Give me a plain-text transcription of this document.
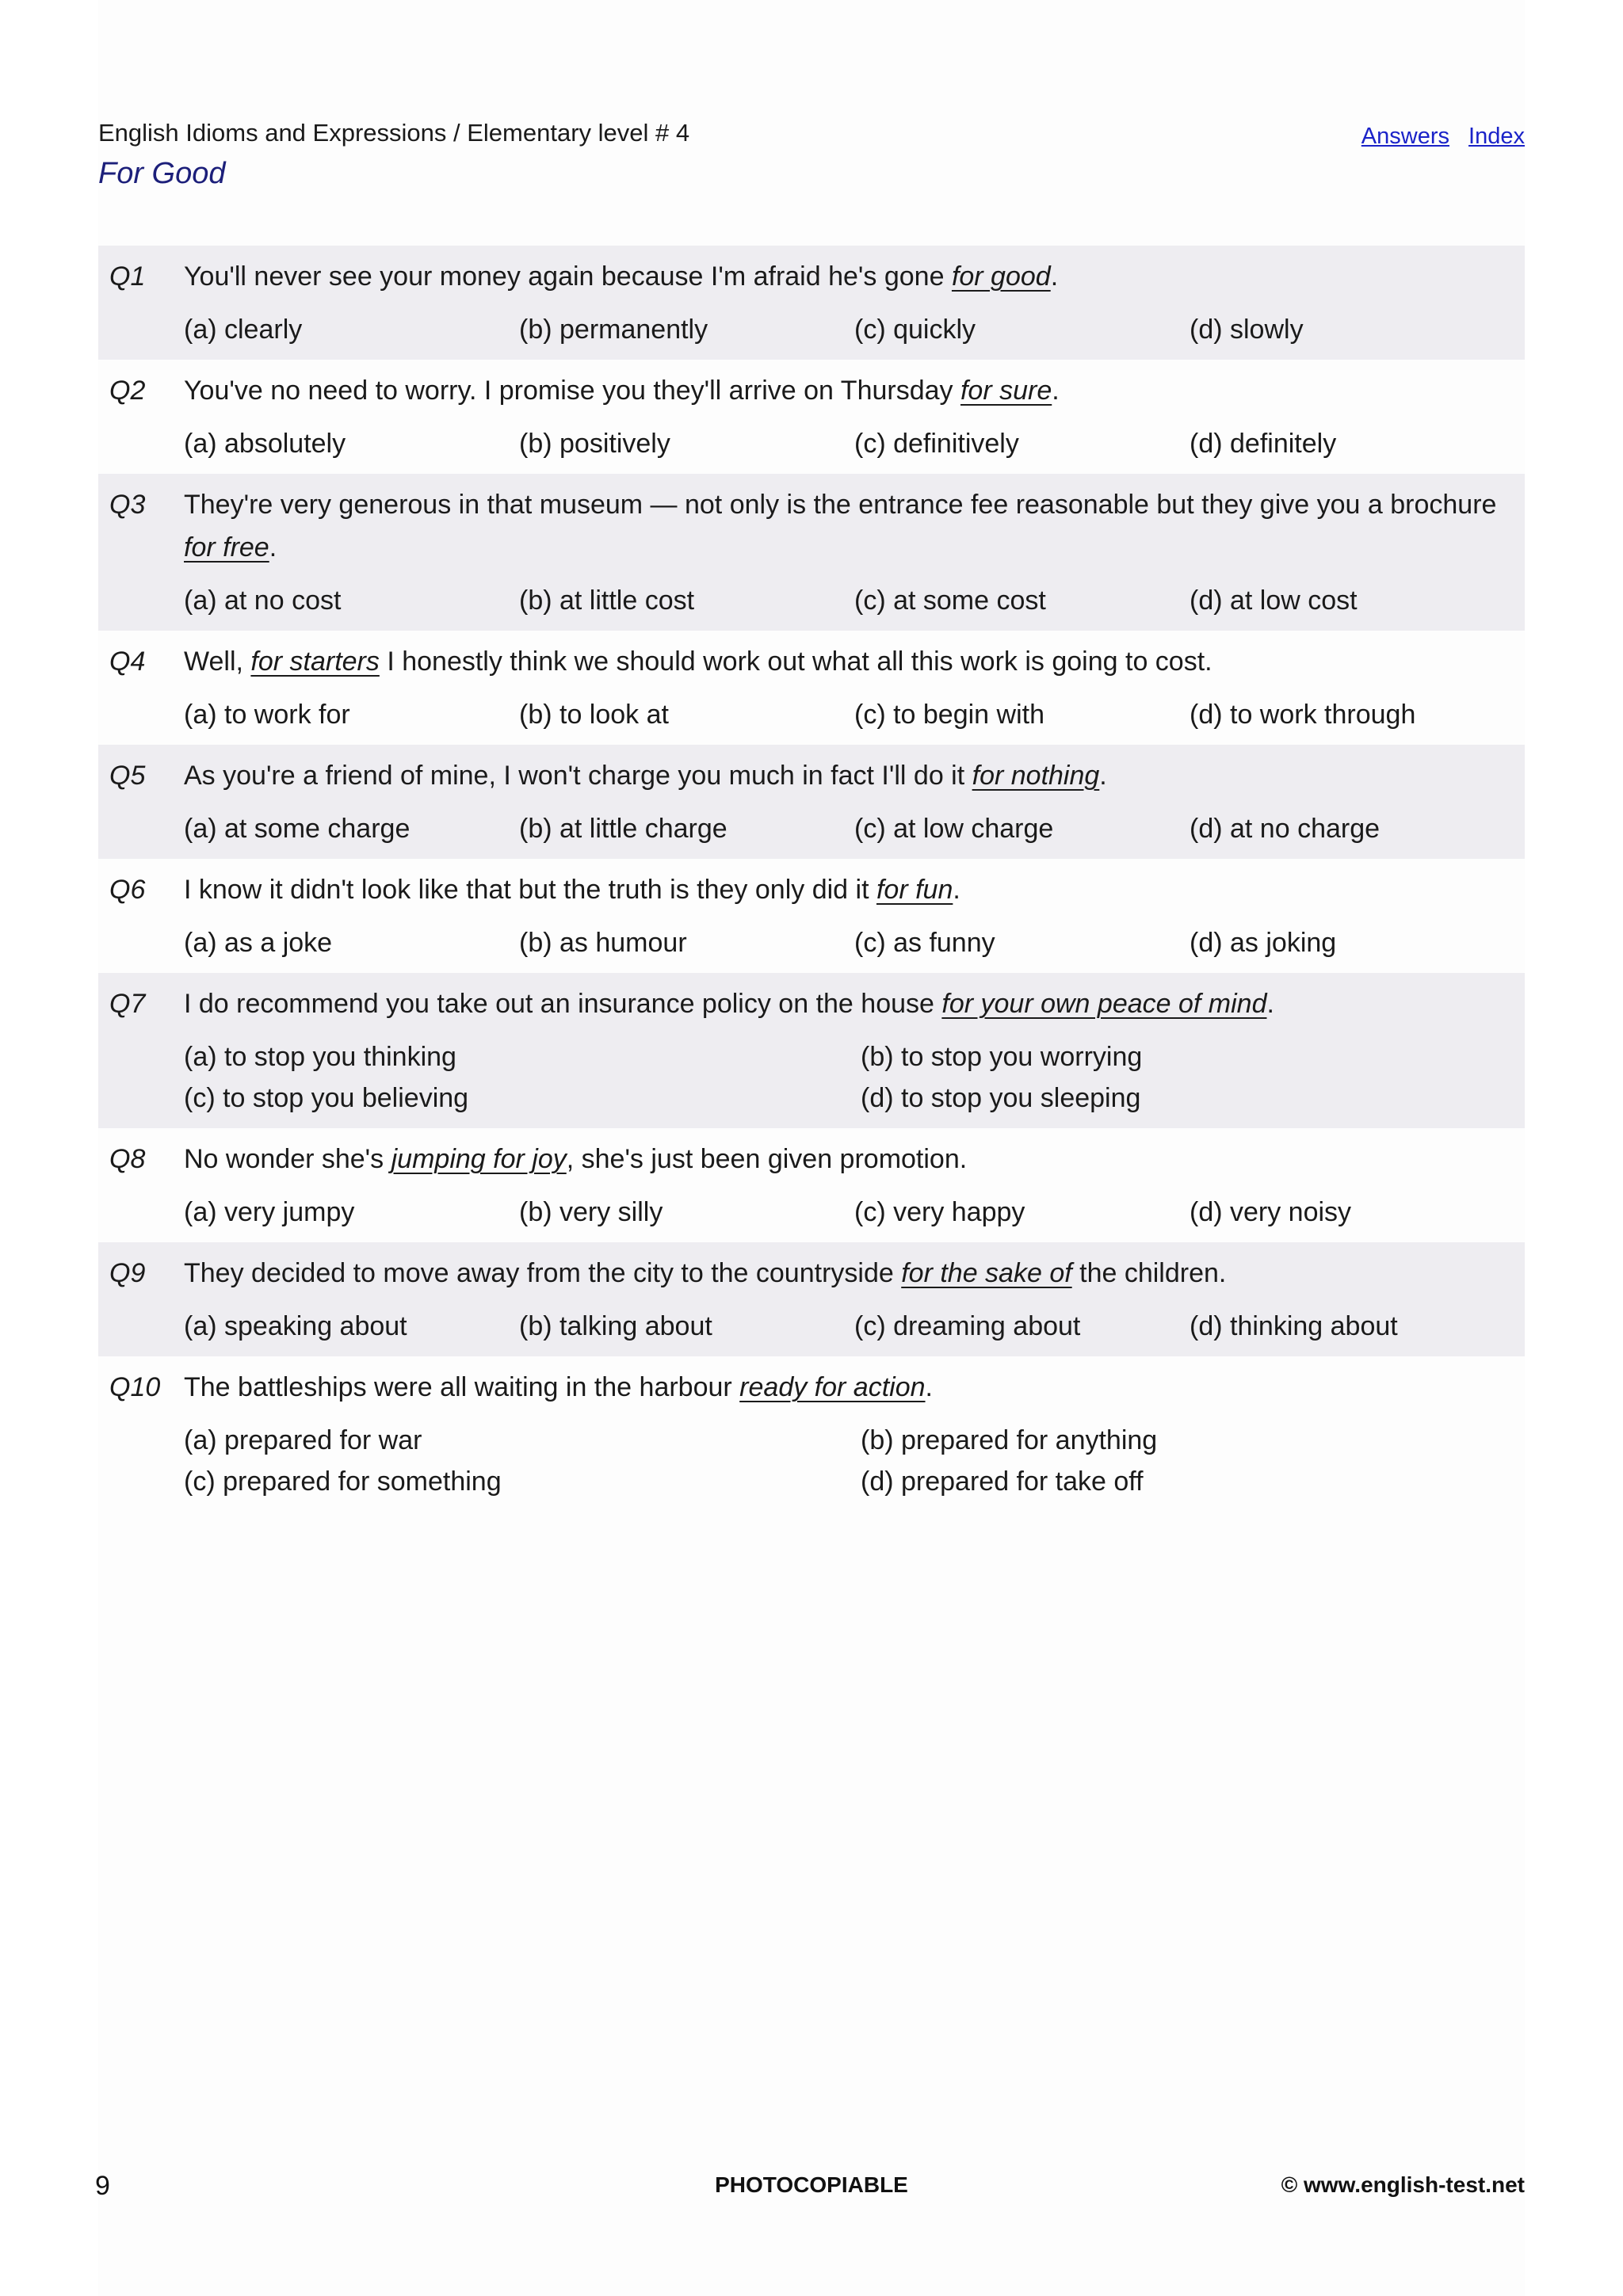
English Idioms and Expressions / Elementary level # 4
For Good
Answers Index
Q1 You'll never see your money again because I'm afraid he's gone for good.
(a) clearly	(b) permanently	(c) quickly	(d) slowly
Q2 You've no need to worry. I promise you they'll arrive on Thursday for sure.
(a) absolutely	(b) positively	(c) definitively	(d) definitely
Q3 They're very generous in that museum — not only is the entrance fee reasonable but they give you a brochure for free.
(a) at no cost	(b) at little cost	(c) at some cost	(d) at low cost
Q4 Well, for starters I honestly think we should work out what all this work is going to cost.
(a) to work for	(b) to look at	(c) to begin with	(d) to work through
Q5 As you're a friend of mine, I won't charge you much in fact I'll do it for nothing.
(a) at some charge	(b) at little charge	(c) at low charge	(d) at no charge
Q6 I know it didn't look like that but the truth is they only did it for fun.
(a) as a joke	(b) as humour	(c) as funny	(d) as joking
Q7 I do recommend you take out an insurance policy on the house for your own peace of mind.
(a) to stop you thinking	(b) to stop you worrying
(c) to stop you believing	(d) to stop you sleeping
Q8 No wonder she's jumping for joy, she's just been given promotion.
(a) very jumpy	(b) very silly	(c) very happy	(d) very noisy
Q9 They decided to move away from the city to the countryside for the sake of the children.
(a) speaking about	(b) talking about	(c) dreaming about	(d) thinking about
Q10 The battleships were all waiting in the harbour ready for action.
(a) prepared for war	(b) prepared for anything
(c) prepared for something	(d) prepared for take off
9	PHOTOCOPIABLE	© www.english-test.net
